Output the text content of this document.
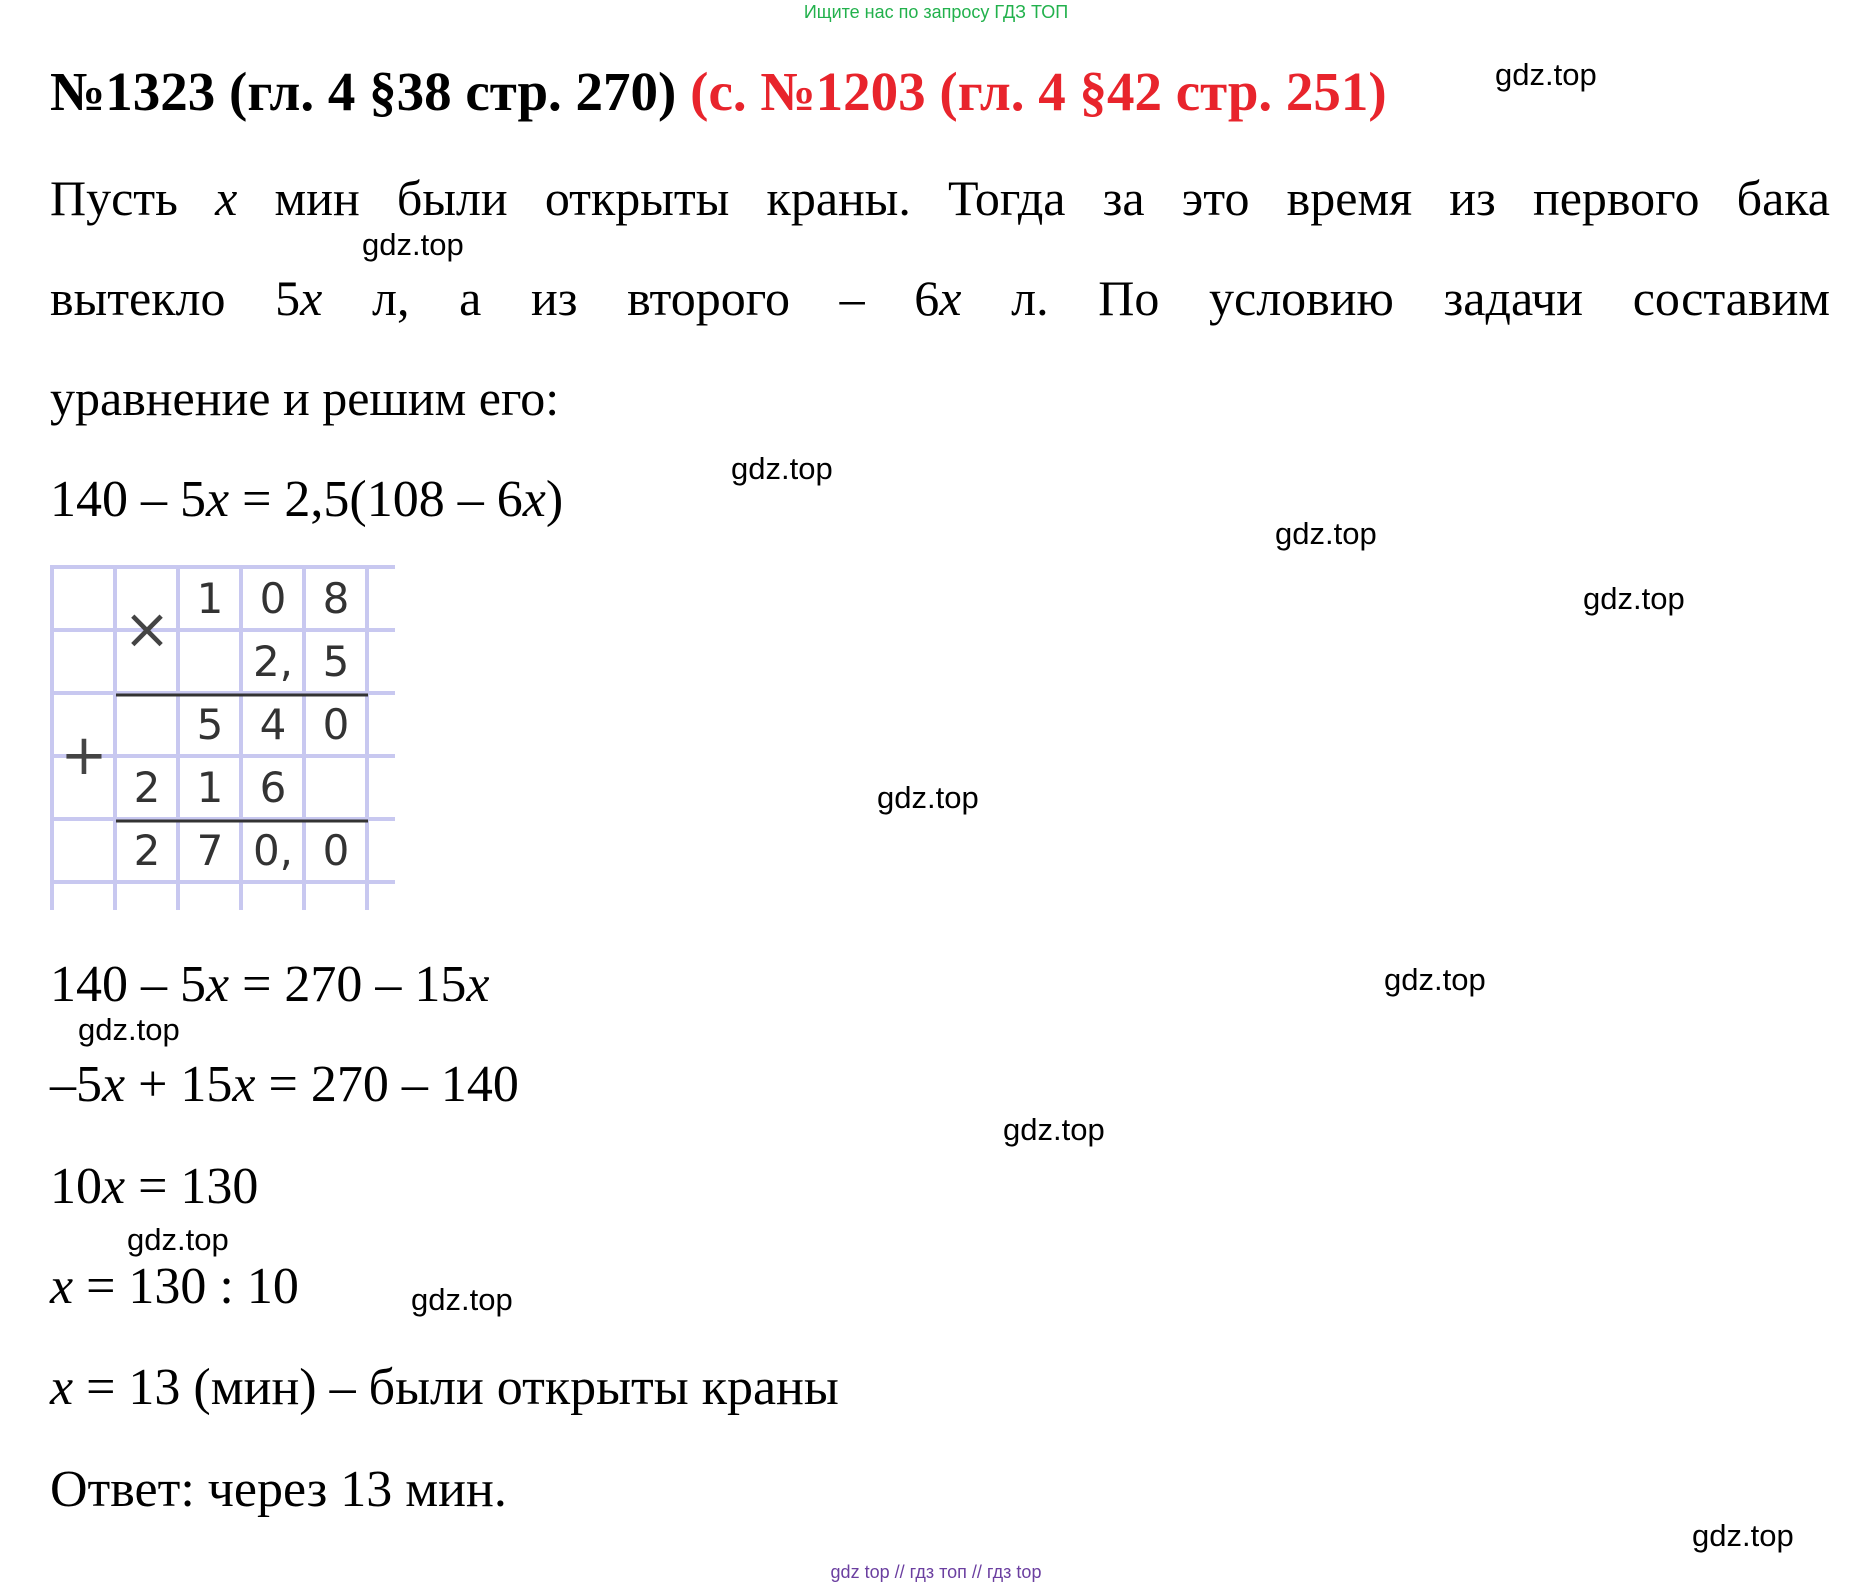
Ищите нас по запросу ГДЗ ТОП
№1323 (гл. 4 §38 стр. 270) (с. №1203 (гл. 4 §42 стр. 251)	gdz.top
gdz.top
gdz.top
gdz.top
gdz.top
gdz.top
gdz.top
gdz.top
gdz.top
gdz.top
gdz.top
gdz.top
Пусть x мин были открыты краны. Тогда за это время из первого бака
вытекло 5x л, а из второго – 6x л. По условию задачи составим
уравнение и решим его:
140 – 5x = 2,5(108 – 6x)
1 0 8
2, 5
5 4 0
2 1 6
2 7 0, 0
×
+
140 – 5x = 270 – 15x
–5x + 15x = 270 – 140
10x = 130
x = 130 : 10
x = 13 (мин) – были открыты краны
Ответ: через 13 мин.
gdz top // гдз топ // гдз top
